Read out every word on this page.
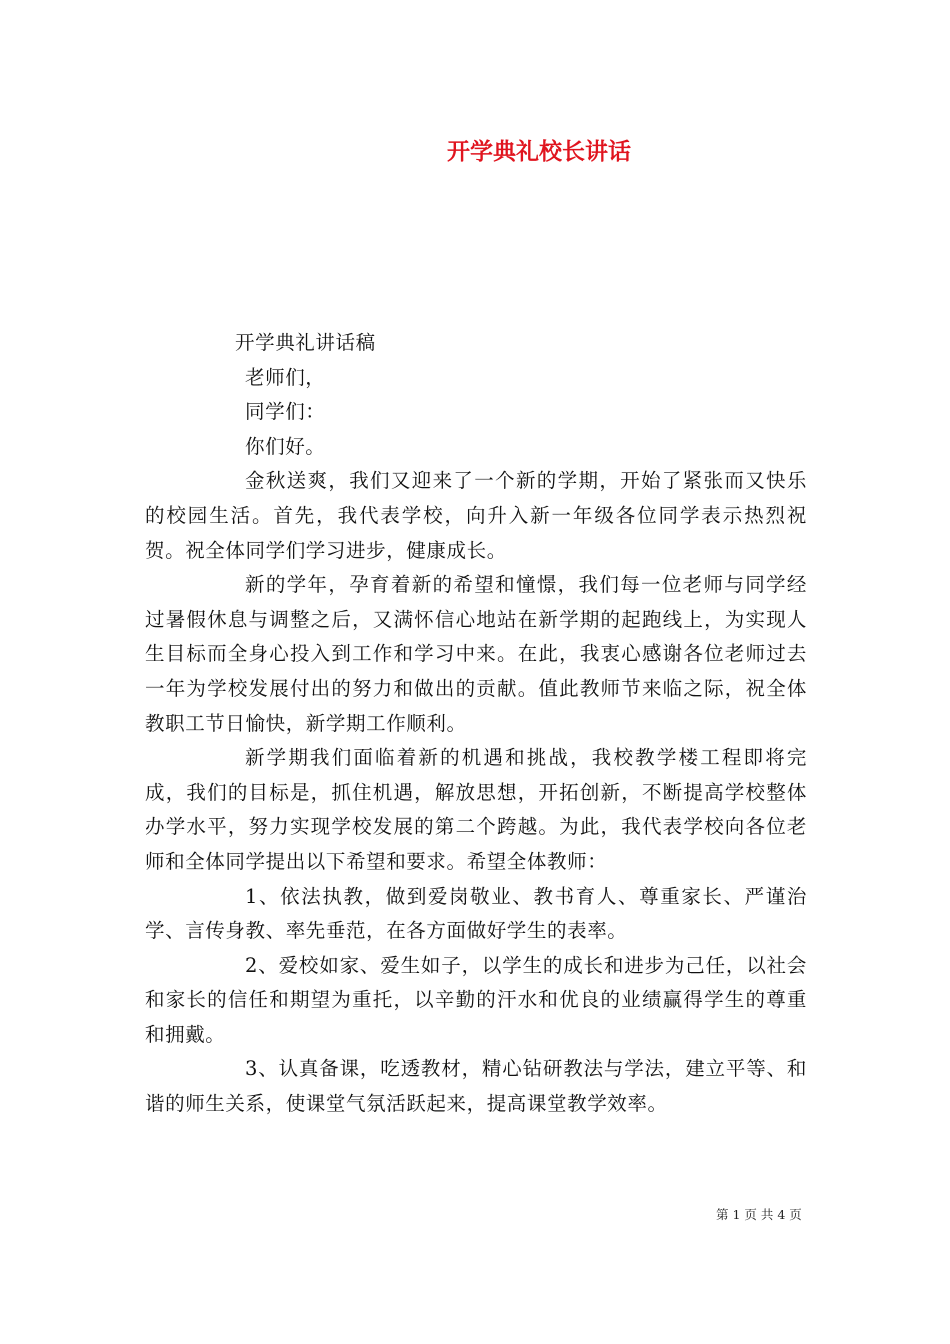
开学典礼校长讲话
开学典礼讲话稿
老师们，
同学们：
你们好。

金秋送爽，我们又迎来了一个新的学期，开始了紧张而又快乐的校园生活。首先，我代表学校，向升入新一年级各位同学表示热烈祝贺。祝全体同学们学习进步，健康成长。

新的学年，孕育着新的希望和憧憬，我们每一位老师与同学经过暑假休息与调整之后，又满怀信心地站在新学期的起跑线上，为实现人生目标而全身心投入到工作和学习中来。在此，我衷心感谢各位老师过去一年为学校发展付出的努力和做出的贡献。值此教师节来临之际，祝全体教职工节日愉快，新学期工作顺利。

新学期我们面临着新的机遇和挑战，我校教学楼工程即将完成，我们的目标是，抓住机遇，解放思想，开拓创新，不断提高学校整体办学水平，努力实现学校发展的第二个跨越。为此，我代表学校向各位老师和全体同学提出以下希望和要求。希望全体教师：

1、依法执教，做到爱岗敬业、教书育人、尊重家长、严谨治学、言传身教、率先垂范，在各方面做好学生的表率。

2、爱校如家、爱生如子，以学生的成长和进步为己任，以社会和家长的信任和期望为重托，以辛勤的汗水和优良的业绩赢得学生的尊重和拥戴。

3、认真备课，吃透教材，精心钻研教法与学法，建立平等、和谐的师生关系，使课堂气氛活跃起来，提高课堂教学效率。

第 1 页 共 4 页
